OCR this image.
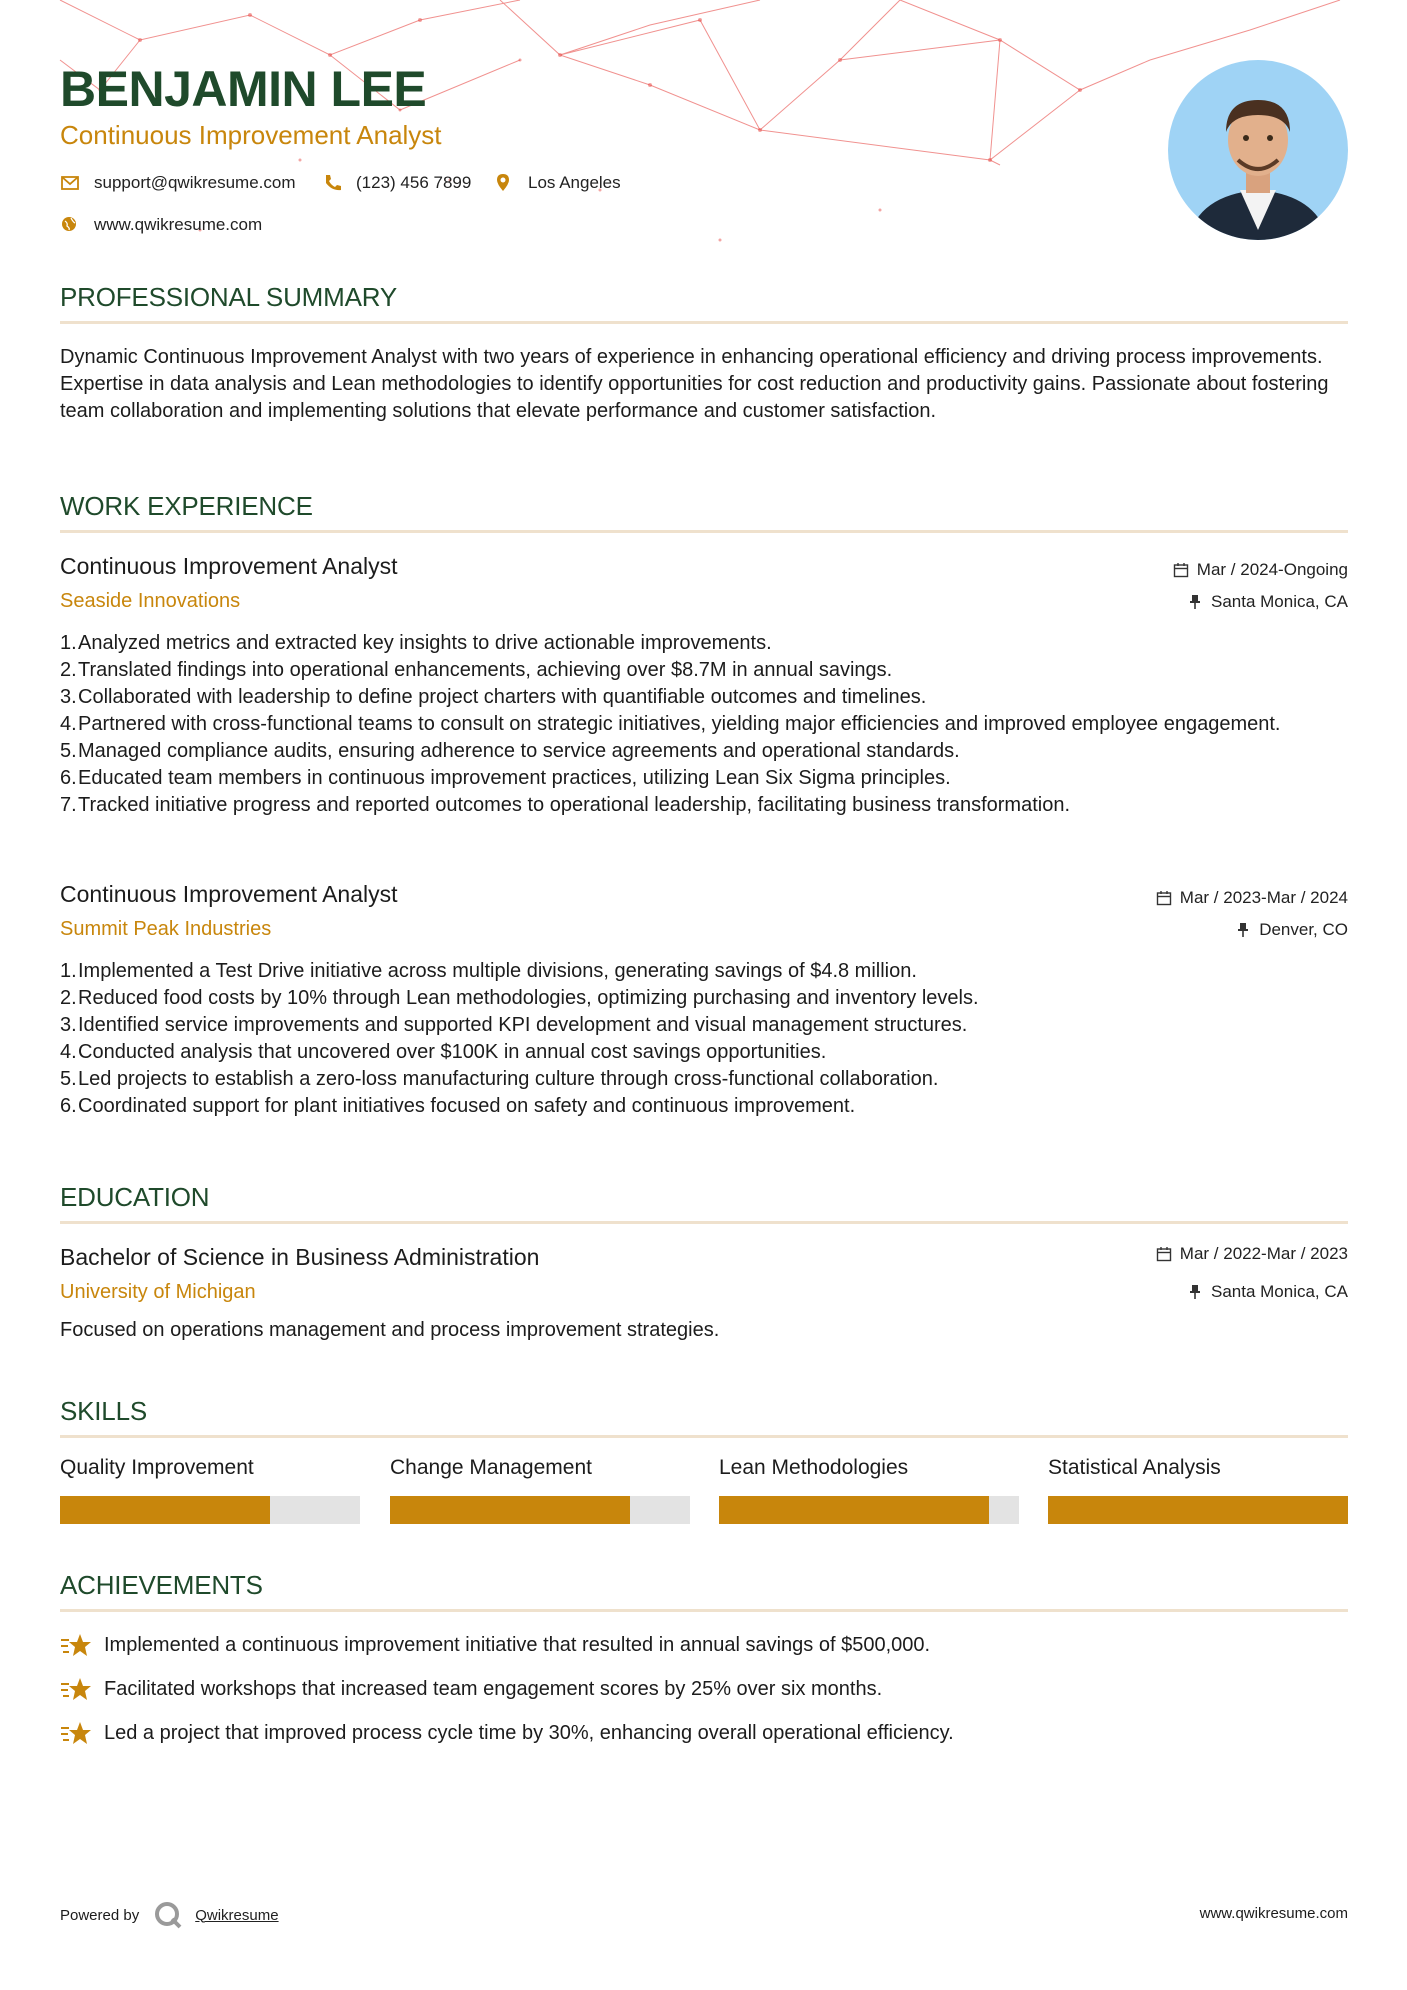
BENJAMIN LEE
Continuous Improvement Analyst
support@qwikresume.com	(123) 456 7899	Los Angeles
www.qwikresume.com
PROFESSIONAL SUMMARY
Dynamic Continuous Improvement Analyst with two years of experience in enhancing operational efficiency and driving process improvements. Expertise in data analysis and Lean methodologies to identify opportunities for cost reduction and productivity gains. Passionate about fostering team collaboration and implementing solutions that elevate performance and customer satisfaction.
WORK EXPERIENCE
Continuous Improvement Analyst
Seaside Innovations
Mar / 2024-Ongoing
Santa Monica, CA
1. Analyzed metrics and extracted key insights to drive actionable improvements.
2. Translated findings into operational enhancements, achieving over $8.7M in annual savings.
3. Collaborated with leadership to define project charters with quantifiable outcomes and timelines.
4. Partnered with cross-functional teams to consult on strategic initiatives, yielding major efficiencies and improved employee engagement.
5. Managed compliance audits, ensuring adherence to service agreements and operational standards.
6. Educated team members in continuous improvement practices, utilizing Lean Six Sigma principles.
7. Tracked initiative progress and reported outcomes to operational leadership, facilitating business transformation.
Continuous Improvement Analyst
Summit Peak Industries
Mar / 2023-Mar / 2024
Denver, CO
1. Implemented a Test Drive initiative across multiple divisions, generating savings of $4.8 million.
2. Reduced food costs by 10% through Lean methodologies, optimizing purchasing and inventory levels.
3. Identified service improvements and supported KPI development and visual management structures.
4. Conducted analysis that uncovered over $100K in annual cost savings opportunities.
5. Led projects to establish a zero-loss manufacturing culture through cross-functional collaboration.
6. Coordinated support for plant initiatives focused on safety and continuous improvement.
EDUCATION
Bachelor of Science in Business Administration
University of Michigan
Mar / 2022-Mar / 2023
Santa Monica, CA
Focused on operations management and process improvement strategies.
SKILLS
Quality Improvement	Change Management	Lean Methodologies	Statistical Analysis
ACHIEVEMENTS
Implemented a continuous improvement initiative that resulted in annual savings of $500,000.
Facilitated workshops that increased team engagement scores by 25% over six months.
Led a project that improved process cycle time by 30%, enhancing overall operational efficiency.
Powered by	Qwikresume	www.qwikresume.com
